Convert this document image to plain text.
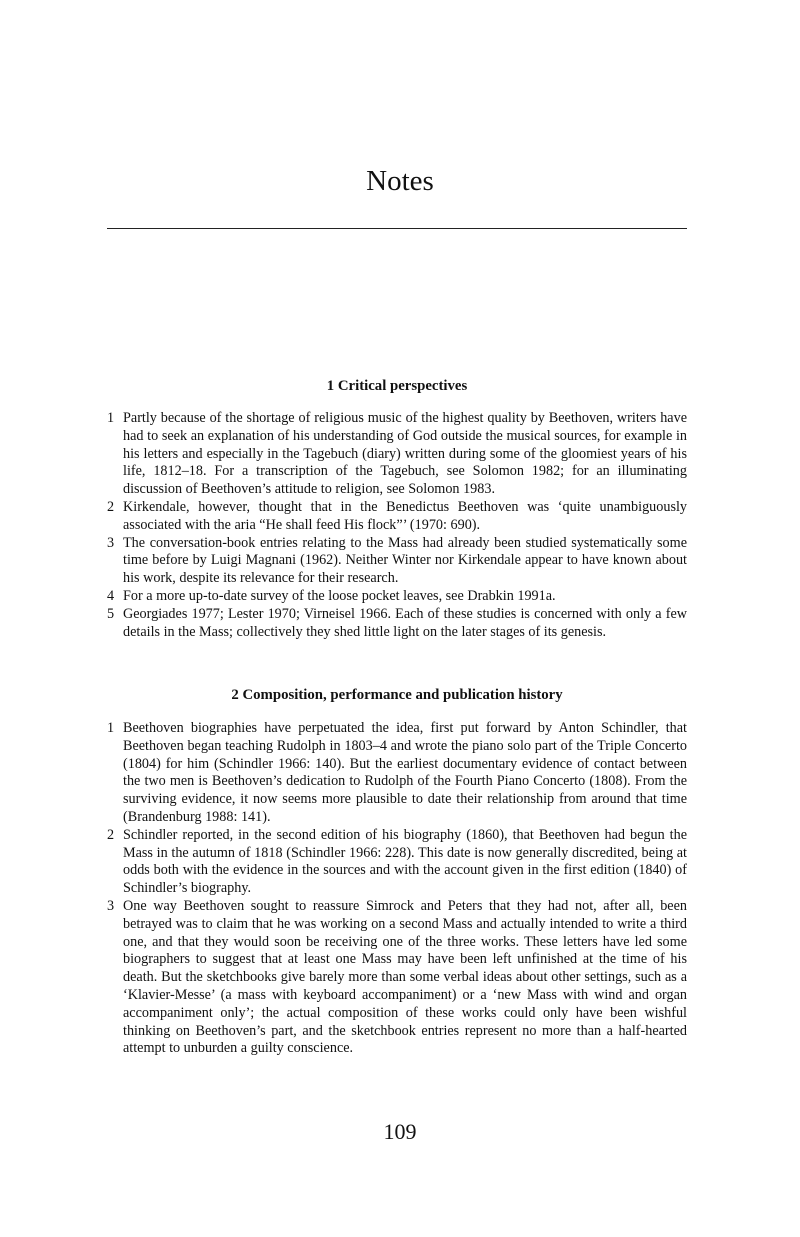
Notes
1 Critical perspectives
1 Partly because of the shortage of religious music of the highest quality by Beethoven, writers have had to seek an explanation of his understanding of God outside the musical sources, for example in his letters and especially in the Tagebuch (diary) written during some of the gloomiest years of his life, 1812–18. For a transcription of the Tagebuch, see Solomon 1982; for an illuminating discussion of Beethoven’s attitude to religion, see Solomon 1983.
2 Kirkendale, however, thought that in the Benedictus Beethoven was ‘quite unambiguously associated with the aria “He shall feed His flock”’ (1970: 690).
3 The conversation-book entries relating to the Mass had already been studied systematically some time before by Luigi Magnani (1962). Neither Winter nor Kirkendale appear to have known about his work, despite its relevance for their research.
4 For a more up-to-date survey of the loose pocket leaves, see Drabkin 1991a.
5 Georgiades 1977; Lester 1970; Virneisel 1966. Each of these studies is concerned with only a few details in the Mass; collectively they shed little light on the later stages of its genesis.
2 Composition, performance and publication history
1 Beethoven biographies have perpetuated the idea, first put forward by Anton Schindler, that Beethoven began teaching Rudolph in 1803–4 and wrote the piano solo part of the Triple Concerto (1804) for him (Schindler 1966: 140). But the earliest documentary evidence of contact between the two men is Beethoven’s dedication to Rudolph of the Fourth Piano Concerto (1808). From the surviving evidence, it now seems more plausible to date their relationship from around that time (Brandenburg 1988: 141).
2 Schindler reported, in the second edition of his biography (1860), that Beethoven had begun the Mass in the autumn of 1818 (Schindler 1966: 228). This date is now generally discredited, being at odds both with the evidence in the sources and with the account given in the first edition (1840) of Schindler’s biography.
3 One way Beethoven sought to reassure Simrock and Peters that they had not, after all, been betrayed was to claim that he was working on a second Mass and actually intended to write a third one, and that they would soon be receiving one of the three works. These letters have led some biographers to suggest that at least one Mass may have been left unfinished at the time of his death. But the sketchbooks give barely more than some verbal ideas about other settings, such as a ‘Klavier-Messe’ (a mass with keyboard accompaniment) or a ‘new Mass with wind and organ accompaniment only’; the actual composition of these works could only have been wishful thinking on Beethoven’s part, and the sketchbook entries represent no more than a half-hearted attempt to unburden a guilty conscience.
109
